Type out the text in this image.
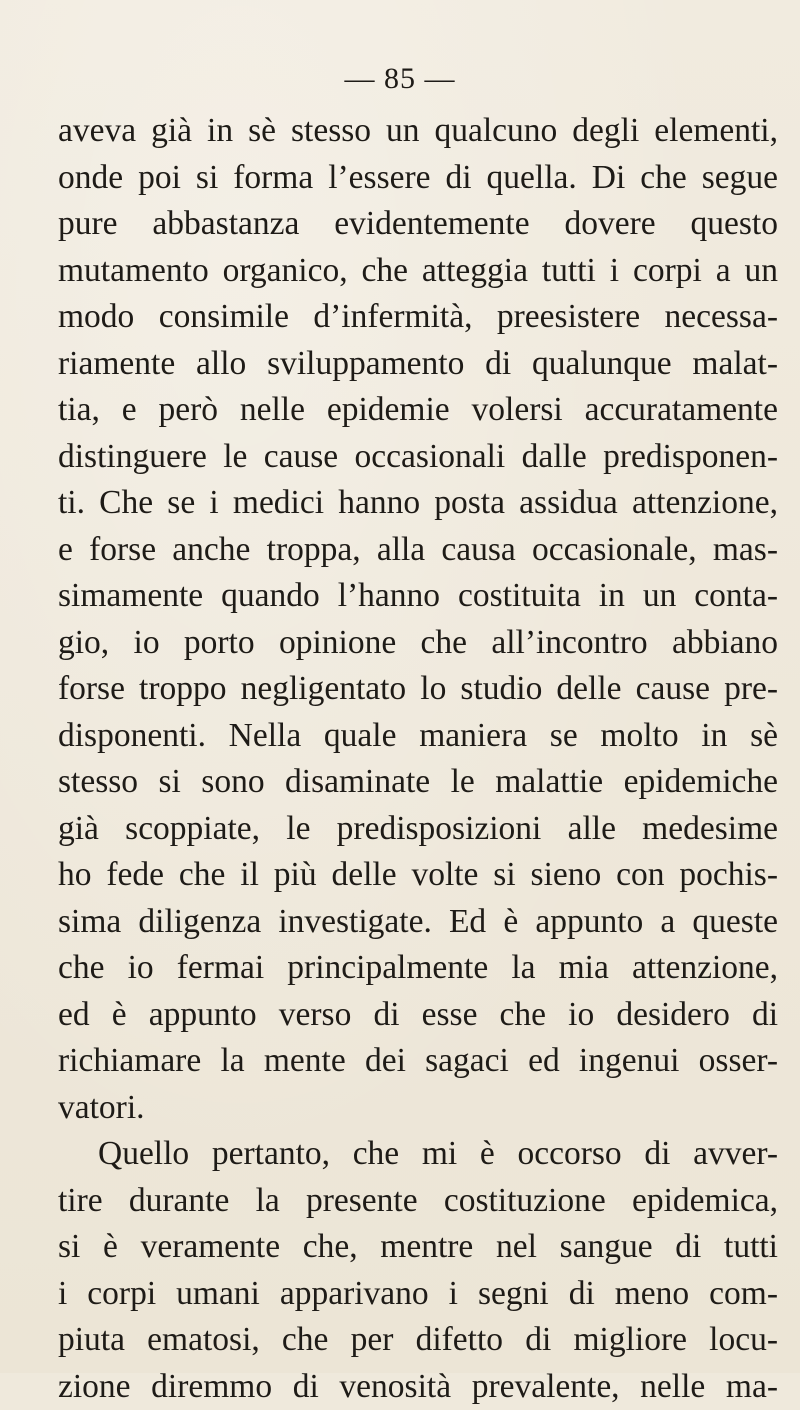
— 85 —
aveva già in sè stesso un qualcuno degli elementi,
onde poi si forma l’essere di quella. Di che segue
pure abbastanza evidentemente dovere questo
mutamento organico, che atteggia tutti i corpi a un
modo consimile d’infermità, preesistere necessa-
riamente allo sviluppamento di qualunque malat-
tia, e però nelle epidemie volersi accuratamente
distinguere le cause occasionali dalle predisponen-
ti. Che se i medici hanno posta assidua attenzione,
e forse anche troppa, alla causa occasionale, mas-
simamente quando l’hanno costituita in un conta-
gio, io porto opinione che all’incontro abbiano
forse troppo negligentato lo studio delle cause pre-
disponenti. Nella quale maniera se molto in sè
stesso si sono disaminate le malattie epidemiche
già scoppiate, le predisposizioni alle medesime
ho fede che il più delle volte si sieno con pochis-
sima diligenza investigate. Ed è appunto a queste
che io fermai principalmente la mia attenzione,
ed è appunto verso di esse che io desidero di
richiamare la mente dei sagaci ed ingenui osser-
vatori.
Quello pertanto, che mi è occorso di avver-
tire durante la presente costituzione epidemica,
si è veramente che, mentre nel sangue di tutti
i corpi umani apparivano i segni di meno com-
piuta ematosi, che per difetto di migliore locu-
zione diremmo di venosità prevalente, nelle ma-
